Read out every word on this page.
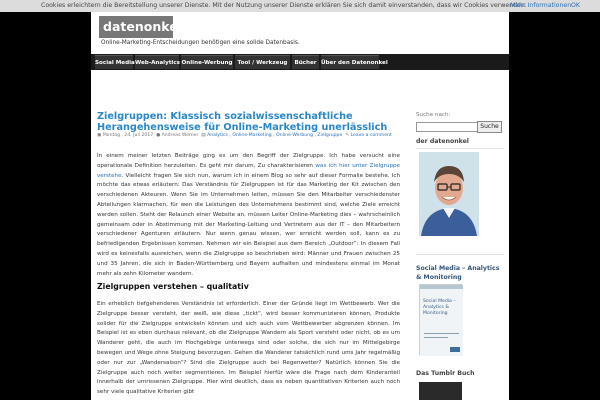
Cookies erleichtern die Bereitstellung unserer Dienste. Mit der Nutzung unserer Dienste erklären Sie sich damit einverstanden, dass wir Cookies verwenden.
Mehr Informationen OK
datenonkel
Online-Marketing-Entscheidungen benötigen eine solide Datenbasis.
Social Media Web-Analytics Online-Werbung Tool / Werkzeug	Bücher Über den Datenonkel
Zielgruppen: Klassisch sozialwissenschaftliche Herangehensweise für Online-Marketing unerlässlich
▣ Montag , 24. Juli 2017 ● Andreas Werner ▤ Analytics , Online-Marketing , Online-Werbung , Zielgruppe ✎ Leave a comment
In einem meiner letzten Beiträge ging es um den Begriff der Zielgruppe. Ich habe versucht eine operationale Definition herzuleiten. Es geht mir darum, Zu charakterisieren was ich hier unter Zielgruppe verstehe. Vielleicht fragen Sie sich nun, warum ich in einem Blog so sehr auf dieser Formalie bestehe. Ich möchte das etwas erläutern: Das Verständnis für Zielgruppen ist für das Marketing der Kit zwischen den verschiedenen Akteuren. Wenn Sie im Unternehmen leiten, müssen Sie den Mitarbeiter verschiedenster Abteilungen klarmachen, für wen die Leistungen des Unternehmens bestimmt sind, welche Ziele erreicht werden sollen. Steht der Relaunch einer Website an, müssen Leiter Online-Marketing dies – wahrscheinlich gemeinsam oder in Abstimmung mit der Marketing-Leitung und Vertretern aus der IT – den Mitarbeitern verschiedener Agenturen erläutern. Nur wenn genau wissen, wer erreicht werden soll, kann es zu befriedigenden Ergebnissen kommen. Nehmen wir ein Beispiel aus dem Bereich „Outdoor“: In diesem Fall wird es keinesfalls ausreichen, wenn die Zielgruppe so beschrieben wird: Männer und Frauen zwischen 25 und 35 Jahren, die sich in Baden-Württemberg und Bayern aufhalten und mindestens einmal im Monat mehr als zehn Kilometer wandern.
Zielgruppen verstehen – qualitativ
Ein erheblich tiefgehenderes Verständnis ist erforderlich. Einer der Gründe liegt im Wettbewerb. Wer die Zielgruppe besser versteht, der weiß, wie diese „tickt“, wird besser kommunizieren können, Produkte solider für die Zielgruppe entwickeln können und sich auch vom Wettbewerber abgrenzen können. Im Beispiel ist es eben durchaus relevant, ob die Zielgruppe Wandern als Sport versteht oder nicht, ob es um Wanderer geht, die auch im Hochgebirge unterwegs sind oder solche, die sich nur im Mittelgebirge bewegen und Wege ohne Steigung bevorzugen. Gehen die Wanderer tatsächlich rund ums Jahr regelmäßig oder nur zur „Wandersaison“? Sind die Zielgruppe auch bei Regenwetter? Natürlich können Sie die Zielgruppe auch noch weiter segmentieren. Im Beispiel hierfür wäre die Frage nach dem Kinderanteil innerhalb der umrissenen Zielgruppe. Hier wird deutlich, dass es neben quantitativen Kriterien auch noch sehr viele qualitative Kriterien gibt
Suche nach:
Suche
der datenonkel
Social Media – Analytics & Monitoring
Social Media – Analytics & Monitoring
Das Tumblr Buch
